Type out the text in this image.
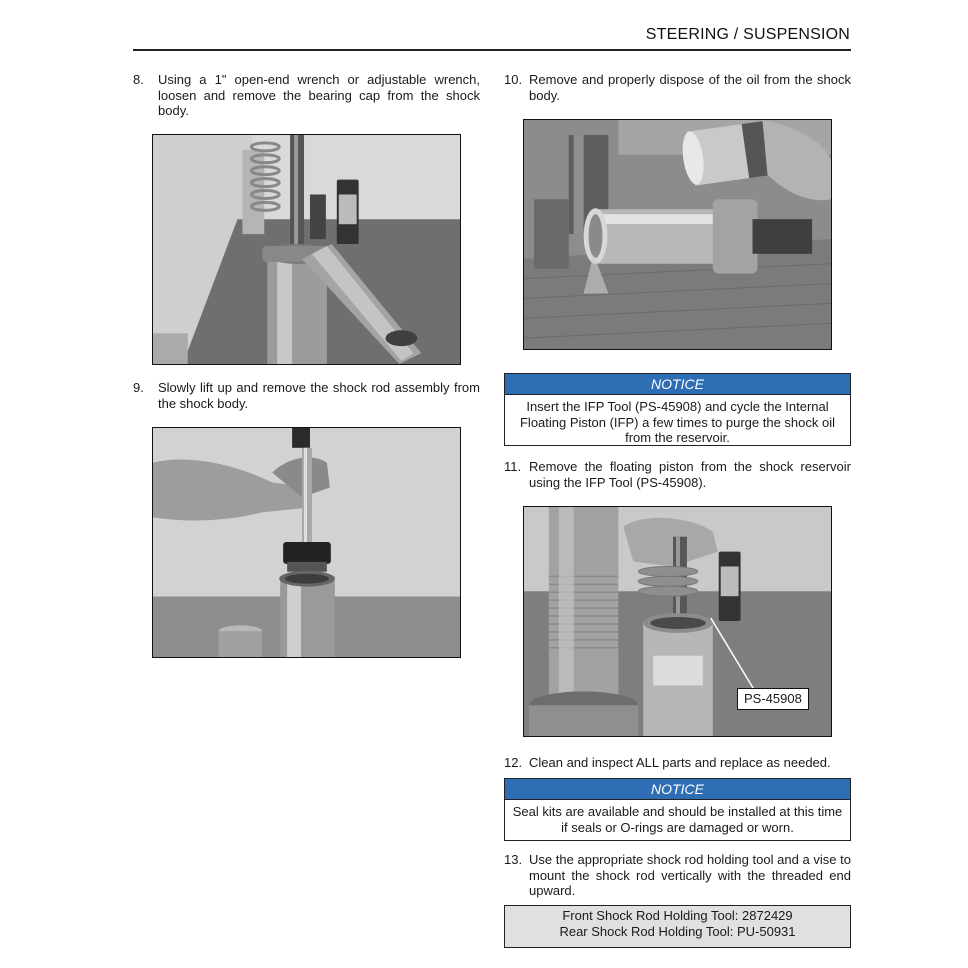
STEERING / SUSPENSION
8. Using a 1" open-end wrench or adjustable wrench, loosen and remove the bearing cap from the shock body.
9. Slowly lift up and remove the shock rod assembly from the shock body.
10. Remove and properly dispose of the oil from the shock body.
NOTICE
Insert the IFP Tool (PS-45908) and cycle the Internal Floating Piston (IFP) a few times to purge the shock oil from the reservoir.
11. Remove the floating piston from the shock reservoir using the IFP Tool (PS-45908).
PS-45908
12. Clean and inspect ALL parts and replace as needed.
NOTICE
Seal kits are available and should be installed at this time if seals or O-rings are damaged or worn.
13. Use the appropriate shock rod holding tool and a vise to mount the shock rod vertically with the threaded end upward.
Front Shock Rod Holding Tool: 2872429
Rear Shock Rod Holding Tool: PU-50931
